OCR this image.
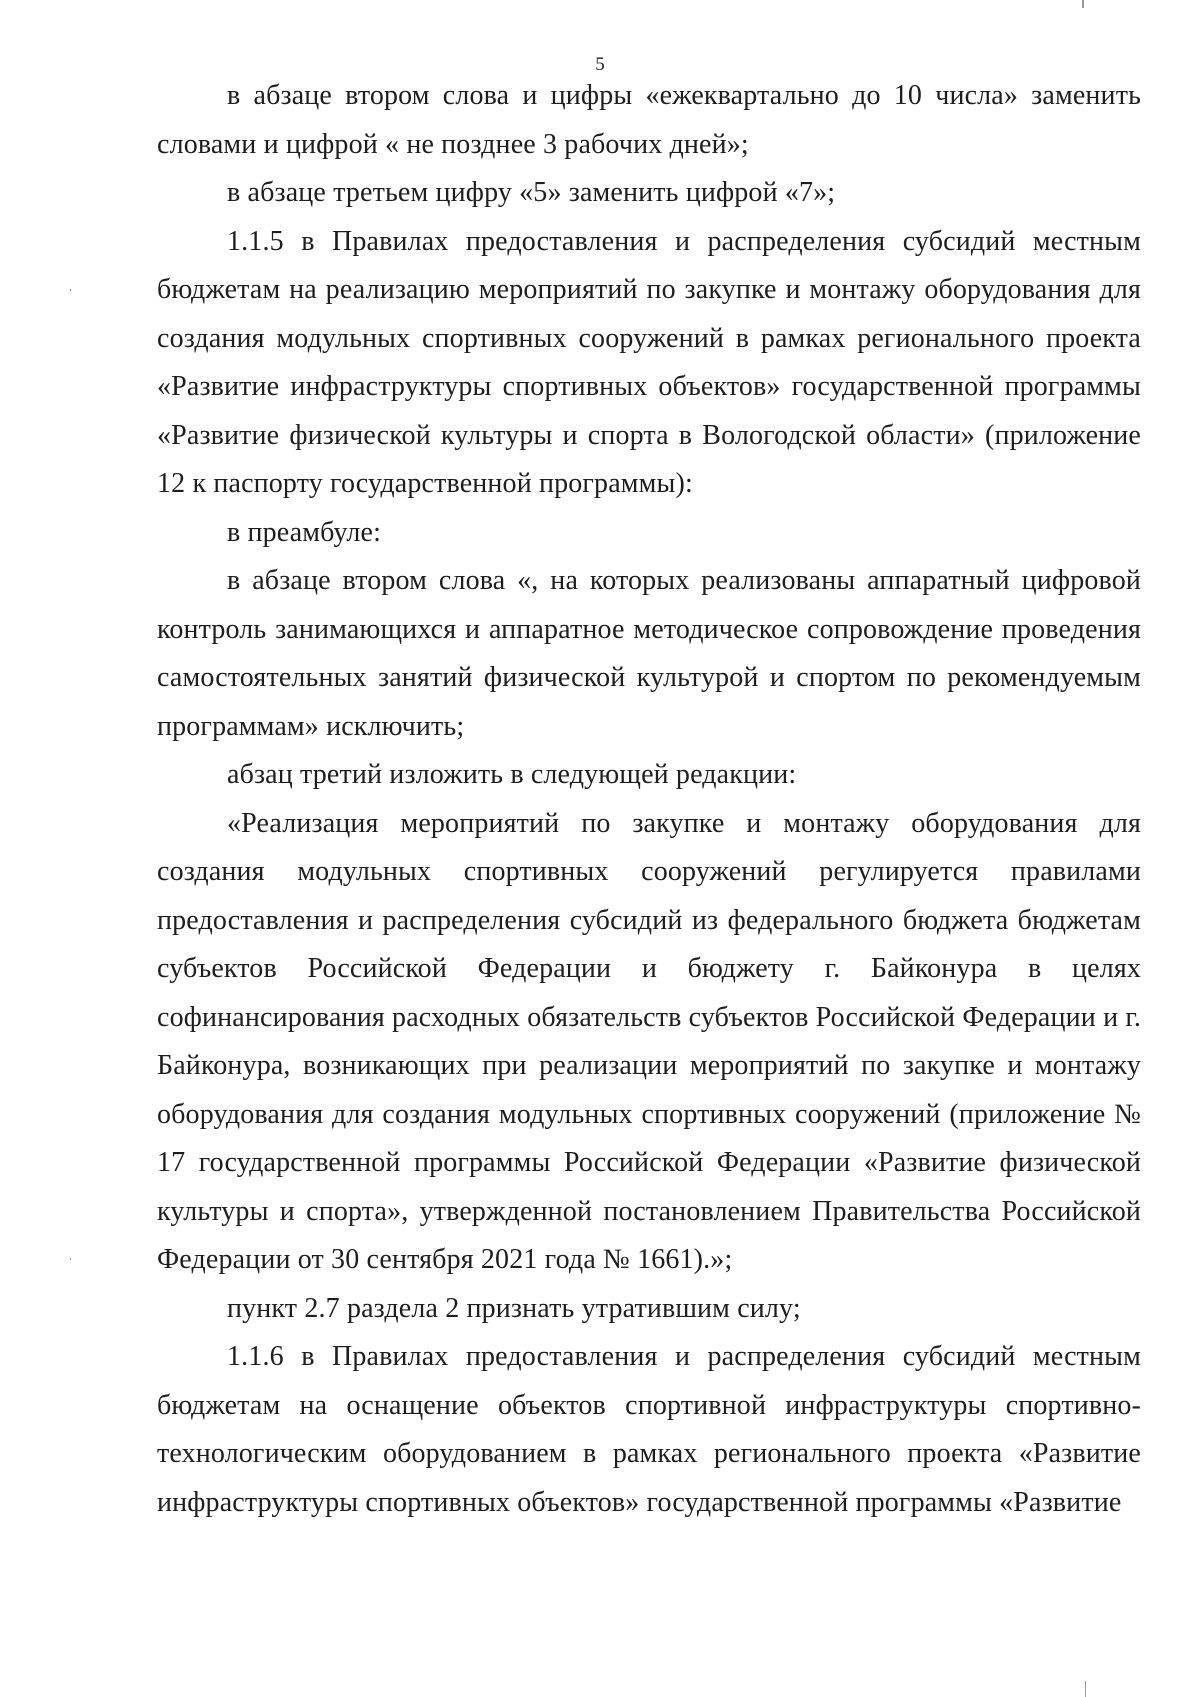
5

в абзаце втором слова и цифры «ежеквартально до 10 числа» заменить словами и цифрой « не позднее 3 рабочих дней»;

в абзаце третьем цифру «5» заменить цифрой «7»;

1.1.5 в Правилах предоставления и распределения субсидий местным бюджетам на реализацию мероприятий по закупке и монтажу оборудования для создания модульных спортивных сооружений в рамках регионального проекта «Развитие инфраструктуры спортивных объектов» государственной программы «Развитие физической культуры и спорта в Вологодской области» (приложение 12 к паспорту государственной программы):

в преамбуле:

в абзаце втором слова «, на которых реализованы аппаратный цифровой контроль занимающихся и аппаратное методическое сопровождение проведения самостоятельных занятий физической культурой и спортом по рекомендуемым программам» исключить;

абзац третий изложить в следующей редакции:

«Реализация мероприятий по закупке и монтажу оборудования для создания модульных спортивных сооружений регулируется правилами предоставления и распределения субсидий из федерального бюджета бюджетам субъектов Российской Федерации и бюджету г. Байконура в целях софинансирования расходных обязательств субъектов Российской Федерации и г. Байконура, возникающих при реализации мероприятий по закупке и монтажу оборудования для создания модульных спортивных сооружений (приложение № 17 государственной программы Российской Федерации «Развитие физической культуры и спорта», утвержденной постановлением Правительства Российской Федерации от 30 сентября 2021 года № 1661).»;

пункт 2.7 раздела 2 признать утратившим силу;

1.1.6 в Правилах предоставления и распределения субсидий местным бюджетам на оснащение объектов спортивной инфраструктуры спортивно-технологическим оборудованием в рамках регионального проекта «Развитие инфраструктуры спортивных объектов» государственной программы «Развитие
